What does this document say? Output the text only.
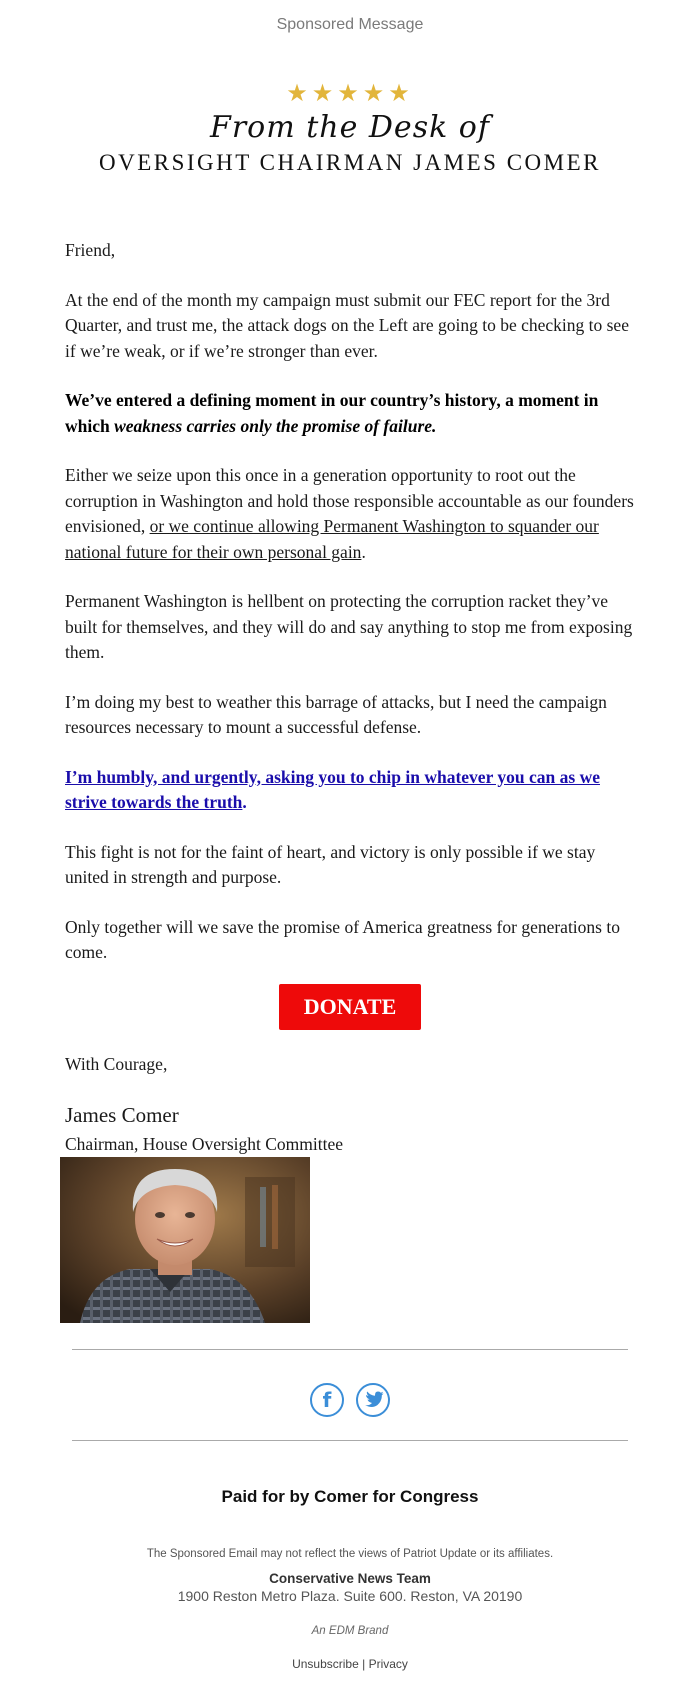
Sponsored Message
★★★★★
From the Desk of
OVERSIGHT CHAIRMAN JAMES COMER

Friend,

At the end of the month my campaign must submit our FEC report for the 3rd Quarter, and trust me, the attack dogs on the Left are going to be checking to see if we’re weak, or if we’re stronger than ever.

We’ve entered a defining moment in our country’s history, a moment in which weakness carries only the promise of failure.

Either we seize upon this once in a generation opportunity to root out the corruption in Washington and hold those responsible accountable as our founders envisioned, or we continue allowing Permanent Washington to squander our national future for their own personal gain.

Permanent Washington is hellbent on protecting the corruption racket they’ve built for themselves, and they will do and say anything to stop me from exposing them.

I’m doing my best to weather this barrage of attacks, but I need the campaign resources necessary to mount a successful defense.

I’m humbly, and urgently, asking you to chip in whatever you can as we strive towards the truth.

This fight is not for the faint of heart, and victory is only possible if we stay united in strength and purpose.

Only together will we save the promise of America greatness for generations to come.

DONATE
With Courage,
James Comer
Chairman, House Oversight Committee
f

Paid for by Comer for Congress
The Sponsored Email may not reflect the views of Patriot Update or its affiliates.
Conservative News Team
1900 Reston Metro Plaza. Suite 600. Reston, VA 20190
An EDM Brand
Unsubscribe | Privacy
